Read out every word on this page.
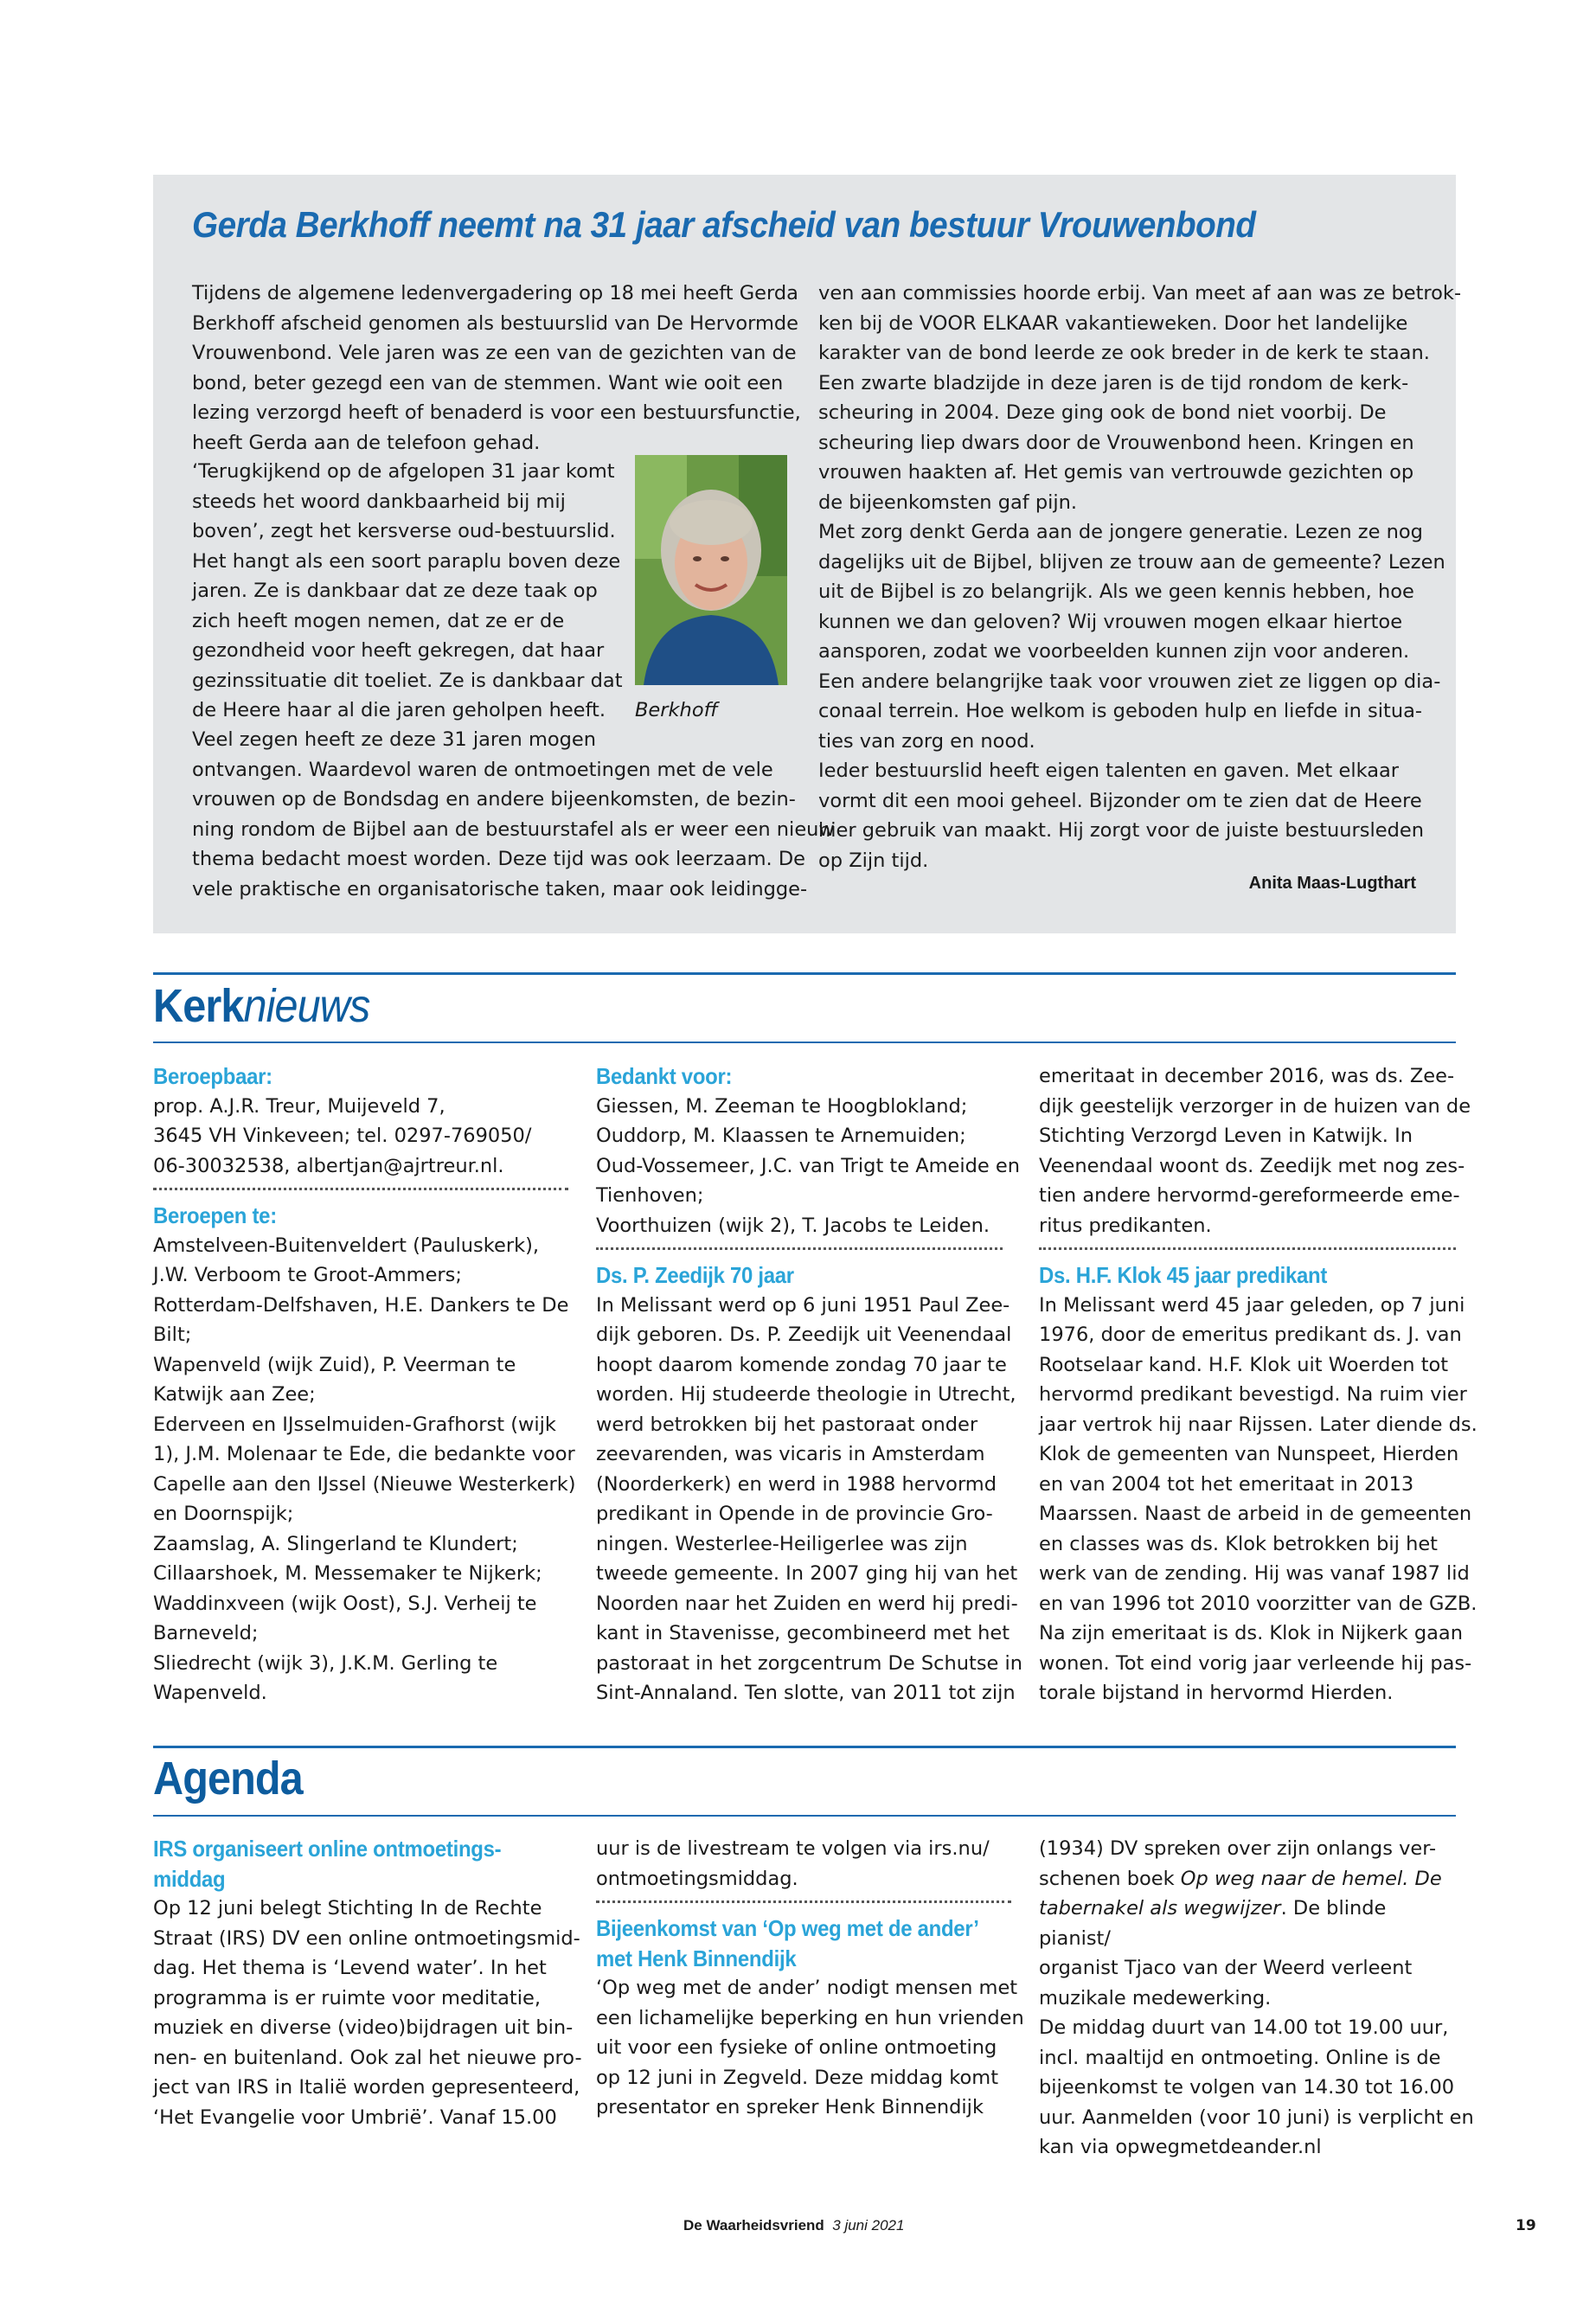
Gerda Berkhoff neemt na 31 jaar afscheid van bestuur Vrouwenbond
Tijdens de algemene ledenvergadering op 18 mei heeft Gerda
Berkhoff afscheid genomen als bestuurslid van De Hervormde
Vrouwenbond. Vele jaren was ze een van de gezichten van de
bond, beter gezegd een van de stemmen. Want wie ooit een
lezing verzorgd heeft of benaderd is voor een bestuursfunctie,
heeft Gerda aan de telefoon gehad.
‘Terugkijkend op de afgelopen 31 jaar komt
steeds het woord dankbaarheid bij mij
boven’, zegt het kersverse oud-bestuurslid.
Het hangt als een soort paraplu boven deze
jaren. Ze is dankbaar dat ze deze taak op
zich heeft mogen nemen, dat ze er de
gezondheid voor heeft gekregen, dat haar
gezinssituatie dit toeliet. Ze is dankbaar dat
de Heere haar al die jaren geholpen heeft.	Berkhoff
Veel zegen heeft ze deze 31 jaren mogen
ontvangen. Waardevol waren de ontmoetingen met de vele
vrouwen op de Bondsdag en andere bijeenkomsten, de bezin-
ning rondom de Bijbel aan de bestuurstafel als er weer een nieuw
thema bedacht moest worden. Deze tijd was ook leerzaam. De
vele praktische en organisatorische taken, maar ook leidingge-
ven aan commissies hoorde erbij. Van meet af aan was ze betrok-
ken bij de VOOR ELKAAR vakantieweken. Door het landelijke
karakter van de bond leerde ze ook breder in de kerk te staan.
Een zwarte bladzijde in deze jaren is de tijd rondom de kerk-
scheuring in 2004. Deze ging ook de bond niet voorbij. De
scheuring liep dwars door de Vrouwenbond heen. Kringen en
vrouwen haakten af. Het gemis van vertrouwde gezichten op
de bijeenkomsten gaf pijn.
Met zorg denkt Gerda aan de jongere generatie. Lezen ze nog
dagelijks uit de Bijbel, blijven ze trouw aan de gemeente? Lezen
uit de Bijbel is zo belangrijk. Als we geen kennis hebben, hoe
kunnen we dan geloven? Wij vrouwen mogen elkaar hiertoe
aansporen, zodat we voorbeelden kunnen zijn voor anderen.
Een andere belangrijke taak voor vrouwen ziet ze liggen op dia-
conaal terrein. Hoe welkom is geboden hulp en liefde in situa-
ties van zorg en nood.
Ieder bestuurslid heeft eigen talenten en gaven. Met elkaar
vormt dit een mooi geheel. Bijzonder om te zien dat de Heere
hier gebruik van maakt. Hij zorgt voor de juiste bestuursleden
op Zijn tijd.
Anita Maas-Lugthart
Kerknieuws
Beroepbaar:
prop. A.J.R. Treur, Muijeveld 7,
3645 VH Vinkeveen; tel. 0297-769050/
06-30032538, albertjan@ajrtreur.nl.
Beroepen te:
Amstelveen-Buitenveldert (Pauluskerk),
J.W. Verboom te Groot-Ammers;
Rotterdam-Delfshaven, H.E. Dankers te De
Bilt;
Wapenveld (wijk Zuid), P. Veerman te
Katwijk aan Zee;
Ederveen en IJsselmuiden-Grafhorst (wijk
1), J.M. Molenaar te Ede, die bedankte voor
Capelle aan den IJssel (Nieuwe Westerkerk)
en Doornspijk;
Zaamslag, A. Slingerland te Klundert;
Cillaarshoek, M. Messemaker te Nijkerk;
Waddinxveen (wijk Oost), S.J. Verheij te
Barneveld;
Sliedrecht (wijk 3), J.K.M. Gerling te
Wapenveld.
Bedankt voor:
Giessen, M. Zeeman te Hoogblokland;
Ouddorp, M. Klaassen te Arnemuiden;
Oud-Vossemeer, J.C. van Trigt te Ameide en
Tienhoven;
Voorthuizen (wijk 2), T. Jacobs te Leiden.
Ds. P. Zeedijk 70 jaar
In Melissant werd op 6 juni 1951 Paul Zee-
dijk geboren. Ds. P. Zeedijk uit Veenendaal
hoopt daarom komende zondag 70 jaar te
worden. Hij studeerde theologie in Utrecht,
werd betrokken bij het pastoraat onder
zeevarenden, was vicaris in Amsterdam
(Noorderkerk) en werd in 1988 hervormd
predikant in Opende in de provincie Gro-
ningen. Westerlee-Heiligerlee was zijn
tweede gemeente. In 2007 ging hij van het
Noorden naar het Zuiden en werd hij predi-
kant in Stavenisse, gecombineerd met het
pastoraat in het zorgcentrum De Schutse in
Sint-Annaland. Ten slotte, van 2011 tot zijn
emeritaat in december 2016, was ds. Zee-
dijk geestelijk verzorger in de huizen van de
Stichting Verzorgd Leven in Katwijk. In
Veenendaal woont ds. Zeedijk met nog zes-
tien andere hervormd-gereformeerde eme-
ritus predikanten.
Ds. H.F. Klok 45 jaar predikant
In Melissant werd 45 jaar geleden, op 7 juni
1976, door de emeritus predikant ds. J. van
Rootselaar kand. H.F. Klok uit Woerden tot
hervormd predikant bevestigd. Na ruim vier
jaar vertrok hij naar Rijssen. Later diende ds.
Klok de gemeenten van Nunspeet, Hierden
en van 2004 tot het emeritaat in 2013
Maarssen. Naast de arbeid in de gemeenten
en classes was ds. Klok betrokken bij het
werk van de zending. Hij was vanaf 1987 lid
en van 1996 tot 2010 voorzitter van de GZB.
Na zijn emeritaat is ds. Klok in Nijkerk gaan
wonen. Tot eind vorig jaar verleende hij pas-
torale bijstand in hervormd Hierden.
Agenda
IRS organiseert online ontmoetings-
middag
Op 12 juni belegt Stichting In de Rechte
Straat (IRS) DV een online ontmoetingsmid-
dag. Het thema is ‘Levend water’. In het
programma is er ruimte voor meditatie,
muziek en diverse (video)bijdragen uit bin-
nen- en buitenland. Ook zal het nieuwe pro-
ject van IRS in Italië worden gepresenteerd,
‘Het Evangelie voor Umbrië’. Vanaf 15.00
uur is de livestream te volgen via irs.nu/
ontmoetingsmiddag.
Bijeenkomst van ‘Op weg met de ander’
met Henk Binnendijk
‘Op weg met de ander’ nodigt mensen met
een lichamelijke beperking en hun vrienden
uit voor een fysieke of online ontmoeting
op 12 juni in Zegveld. Deze middag komt
presentator en spreker Henk Binnendijk
(1934) DV spreken over zijn onlangs ver-
schenen boek Op weg naar de hemel. De
tabernakel als wegwijzer. De blinde pianist/
organist Tjaco van der Weerd verleent
muzikale medewerking.
De middag duurt van 14.00 tot 19.00 uur,
incl. maaltijd en ontmoeting. Online is de
bijeenkomst te volgen van 14.30 tot 16.00
uur. Aanmelden (voor 10 juni) is verplicht en
kan via opwegmetdeander.nl
De Waarheidsvriend 3 juni 2021	19
